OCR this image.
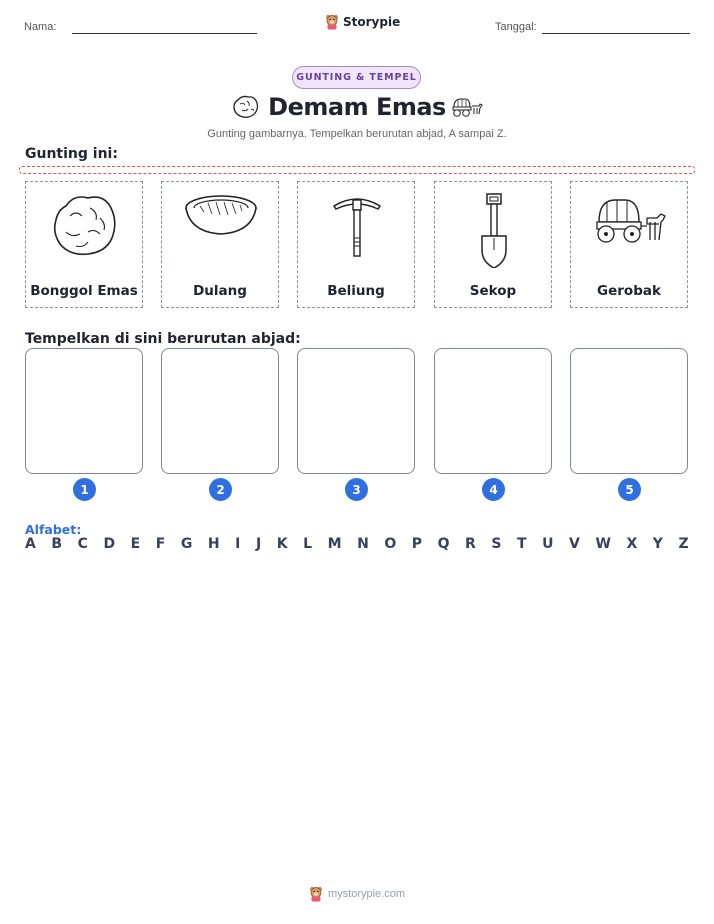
Nama:	Storypie	Tanggal:
GUNTING & TEMPEL
Demam Emas
Gunting gambarnya. Tempelkan berurutan abjad, A sampai Z.
Gunting ini:
Bonggol Emas	Dulang	Beliung	Sekop	Gerobak
Tempelkan di sini berurutan abjad:
1	2	3	4	5
Alfabet:
A B C D E F G H I J K L M N O P Q R S T U V W X Y Z
mystorypie.com
